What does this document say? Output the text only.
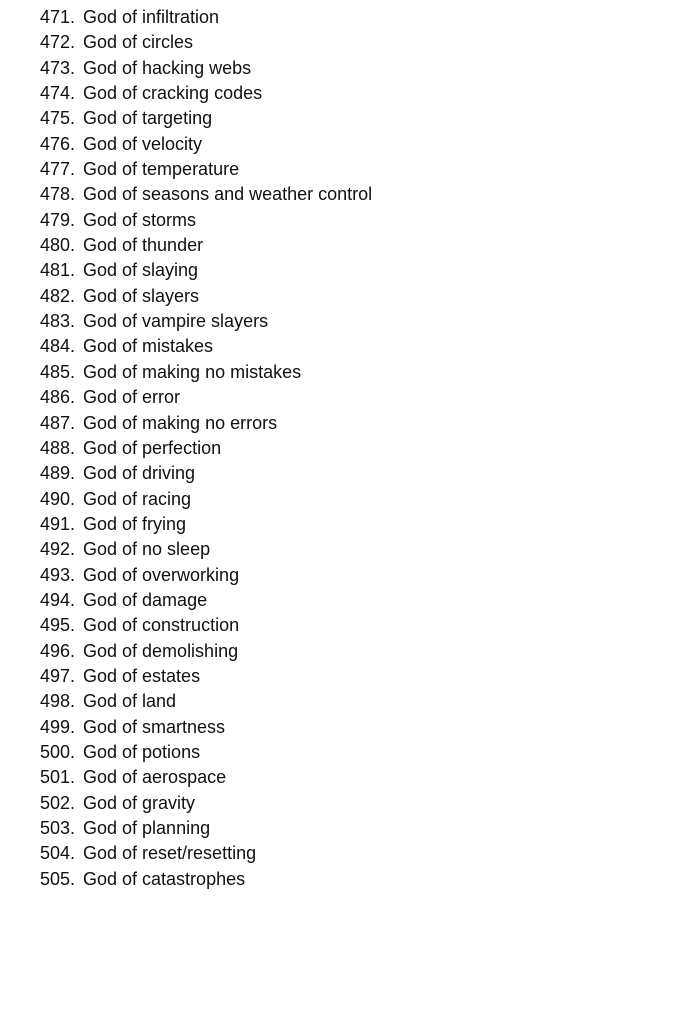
471. God of infiltration
472. God of circles
473. God of hacking webs
474. God of cracking codes
475. God of targeting
476. God of velocity
477. God of temperature
478. God of seasons and weather control
479. God of storms
480. God of thunder
481. God of slaying
482. God of slayers
483. God of vampire slayers
484. God of mistakes
485. God of making no mistakes
486. God of error
487. God of making no errors
488. God of perfection
489. God of driving
490. God of racing
491. God of frying
492. God of no sleep
493. God of overworking
494. God of damage
495. God of construction
496. God of demolishing
497. God of estates
498. God of land
499. God of smartness
500. God of potions
501. God of aerospace
502. God of gravity
503. God of planning
504. God of reset/resetting
505. God of catastrophes
